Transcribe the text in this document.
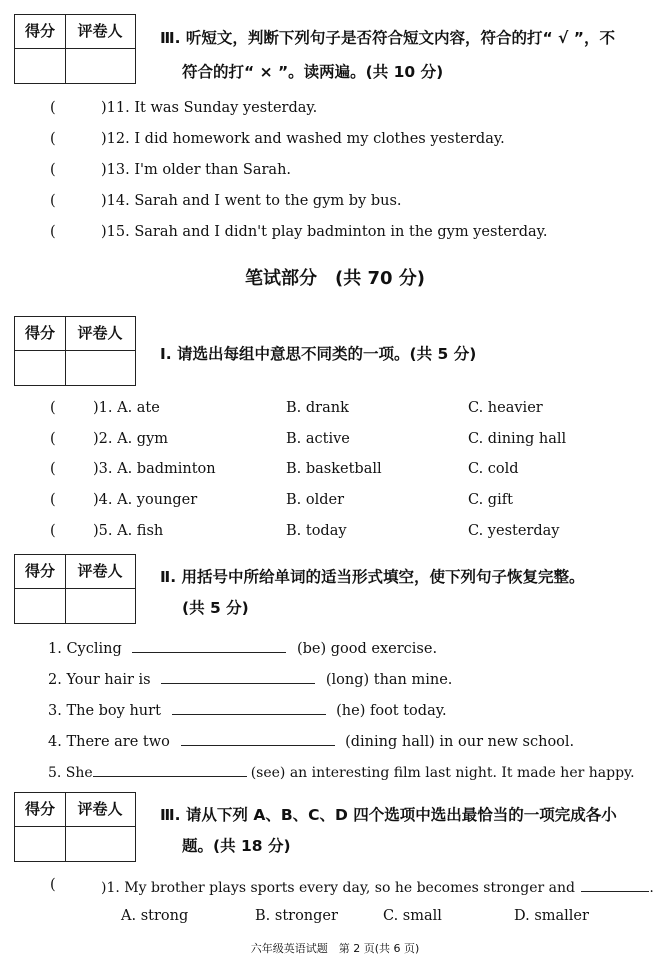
得分	评卷人	Ⅲ. 听短文，判断下列句子是否符合短文内容，符合的打“ √ ”，不
符合的打“ × ”。读两遍。(共 10 分)
(	)11. It was Sunday yesterday.
(	)12. I did homework and washed my clothes yesterday.
(	)13. I'm older than Sarah.
(	)14. Sarah and I went to the gym by bus.
(	)15. Sarah and I didn't play badminton in the gym yesterday.
笔试部分　(共 70 分)
得分	评卷人
Ⅰ. 请选出每组中意思不同类的一项。(共 5 分)
(	)1. A. ate	B. drank	C. heavier
(	)2. A. gym	B. active	C. dining hall
(	)3. A. badminton	B. basketball	C. cold
(	)4. A. younger	B. older	C. gift
(	)5. A. fish	B. today	C. yesterday
得分	评卷人	Ⅱ. 用括号中所给单词的适当形式填空，使下列句子恢复完整。
(共 5 分)
1. Cycling	(be) good exercise.
2. Your hair is	(long) than mine.
3. The boy hurt	(he) foot today.
4. There are two	(dining hall) in our new school.
5. She	(see) an interesting film last night. It made her happy.
得分	评卷人	Ⅲ. 请从下列 A、B、C、D 四个选项中选出最恰当的一项完成各小
题。(共 18 分)
(	)1. My brother plays sports every day, so he becomes stronger and	.
A. strong	B. stronger	C. small	D. smaller
六年级英语试题　第 2 页(共 6 页)
